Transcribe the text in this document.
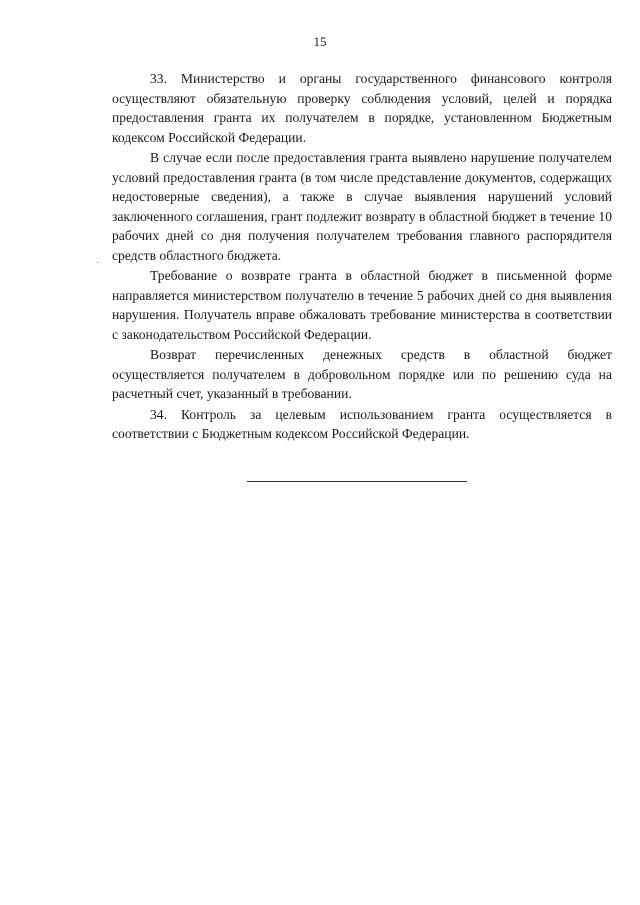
15

33. Министерство и органы государственного финансового контроля осуществляют обязательную проверку соблюдения условий, целей и порядка предоставления гранта их получателем в порядке, установленном Бюджетным кодексом Российской Федерации.

В случае если после предоставления гранта выявлено нарушение получателем условий предоставления гранта (в том числе представление документов, содержащих недостоверные сведения), а также в случае выявления нарушений условий заключенного соглашения, грант подлежит возврату в областной бюджет в течение 10 рабочих дней со дня получения получателем требования главного распорядителя средств областного бюджета.

Требование о возврате гранта в областной бюджет в письменной форме направляется министерством получателю в течение 5 рабочих дней со дня выявления нарушения. Получатель вправе обжаловать требование министерства в соответствии с законодательством Российской Федерации.

Возврат перечисленных денежных средств в областной бюджет осуществляется получателем в добровольном порядке или по решению суда на расчетный счет, указанный в требовании.

34. Контроль за целевым использованием гранта осуществляется в соответствии с Бюджетным кодексом Российской Федерации.
